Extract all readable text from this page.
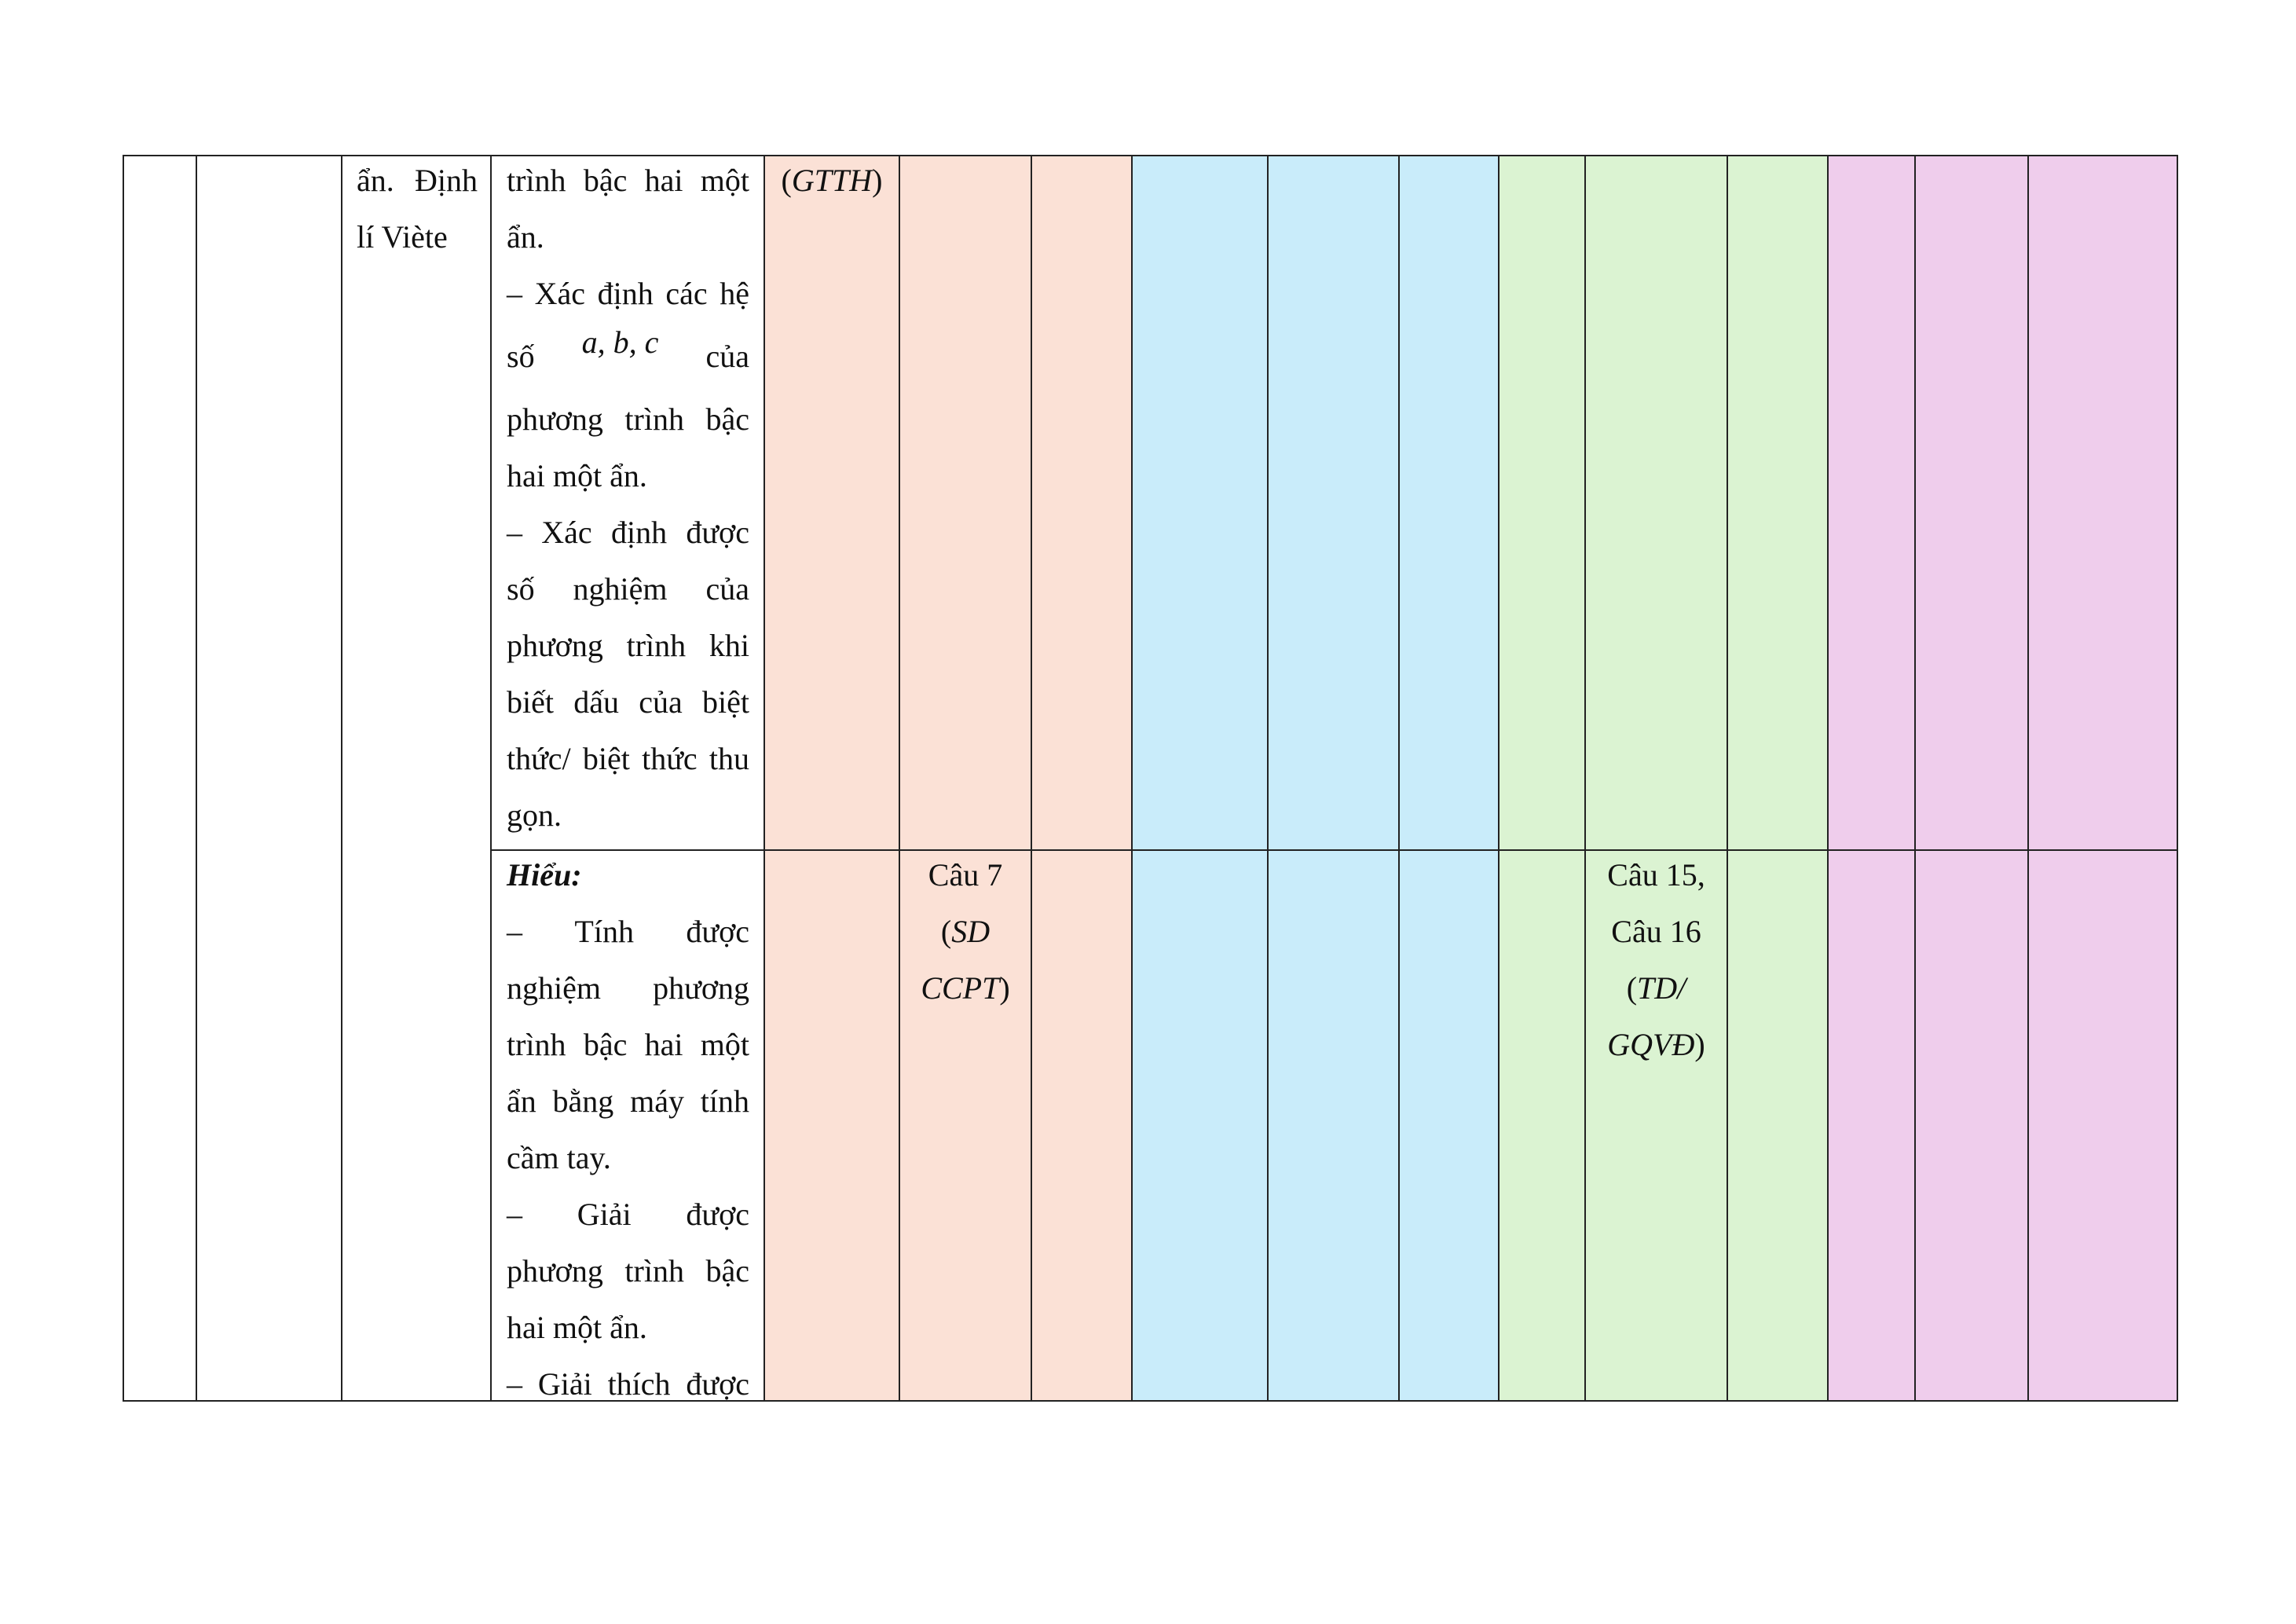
ẩn. Định
lí Viète
trình bậc hai một
ẩn.
– Xác định các hệ
số a, b, c của
phương trình bậc
hai một ẩn.
– Xác định được
số nghiệm của
phương trình khi
biết dấu của biệt
thức/ biệt thức thu
gọn.
(GTTH)
Hiểu:
– Tính được
nghiệm phương
trình bậc hai một
ẩn bằng máy tính
cầm tay.
– Giải được
phương trình bậc
hai một ẩn.
– Giải thích được
Câu 7
(SD
CCPT)
Câu 15,
Câu 16
(TD/
GQVĐ)
